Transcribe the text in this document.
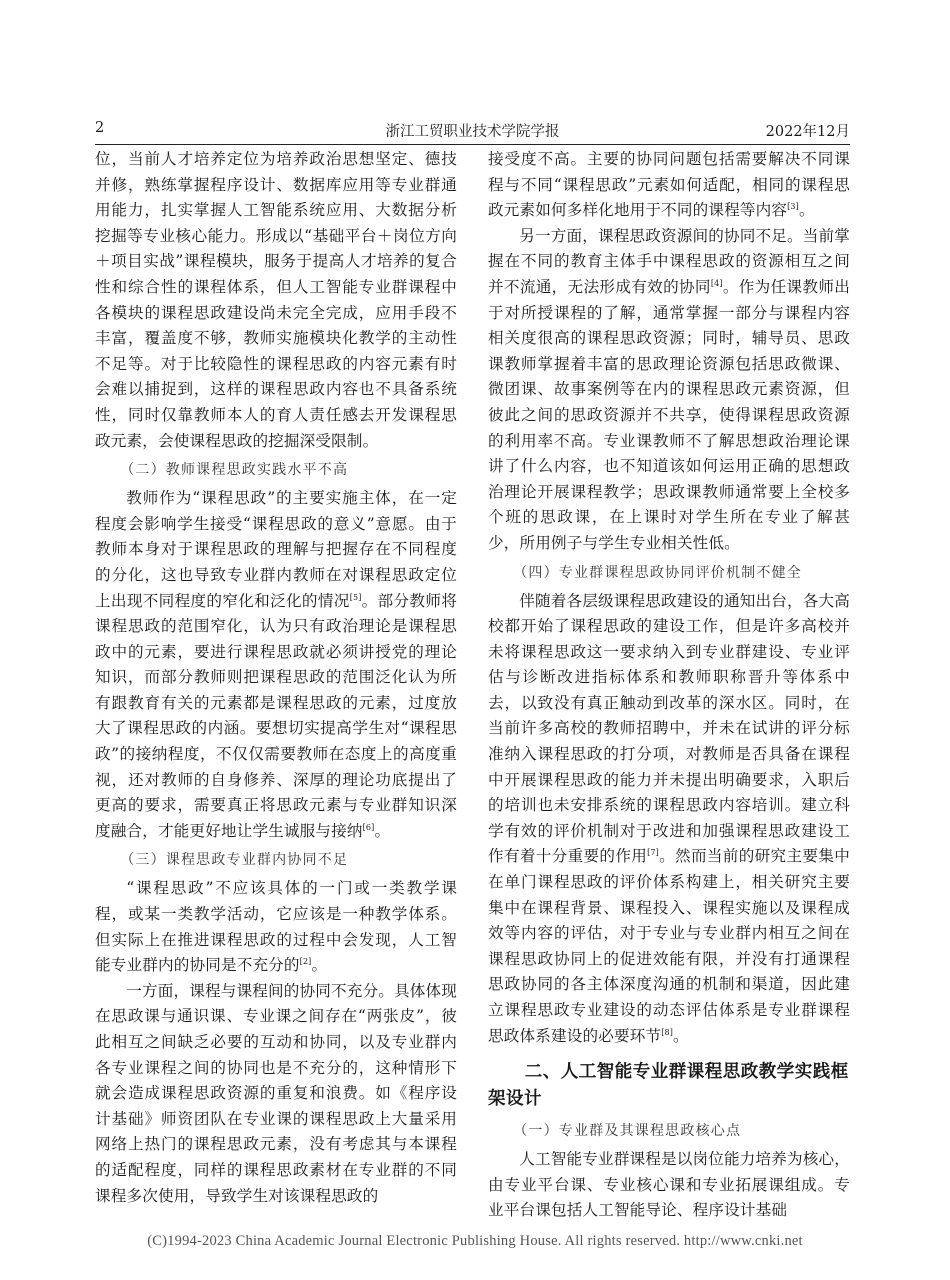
2	浙江工贸职业技术学院学报	2022年12月

位，当前人才培养定位为培养政治思想坚定、德技并修，熟练掌握程序设计、数据库应用等专业群通用能力，扎实掌握人工智能系统应用、大数据分析挖掘等专业核心能力。形成以“基础平台＋岗位方向＋项目实战”课程模块，服务于提高人才培养的复合性和综合性的课程体系，但人工智能专业群课程中各模块的课程思政建设尚未完全完成，应用手段不丰富，覆盖度不够，教师实施模块化教学的主动性不足等。对于比较隐性的课程思政的内容元素有时会难以捕捉到，这样的课程思政内容也不具备系统性，同时仅靠教师本人的育人责任感去开发课程思政元素，会使课程思政的挖掘深受限制。

（二）教师课程思政实践水平不高

教师作为“课程思政”的主要实施主体，在一定程度会影响学生接受“课程思政的意义”意愿。由于教师本身对于课程思政的理解与把握存在不同程度的分化，这也导致专业群内教师在对课程思政定位上出现不同程度的窄化和泛化的情况[5]。部分教师将课程思政的范围窄化，认为只有政治理论是课程思政中的元素，要进行课程思政就必须讲授党的理论知识，而部分教师则把课程思政的范围泛化认为所有跟教育有关的元素都是课程思政的元素，过度放大了课程思政的内涵。要想切实提高学生对“课程思政”的接纳程度，不仅仅需要教师在态度上的高度重视，还对教师的自身修养、深厚的理论功底提出了更高的要求，需要真正将思政元素与专业群知识深度融合，才能更好地让学生诚服与接纳[6]。

（三）课程思政专业群内协同不足

“课程思政”不应该具体的一门或一类教学课程，或某一类教学活动，它应该是一种教学体系。但实际上在推进课程思政的过程中会发现，人工智能专业群内的协同是不充分的[2]。

一方面，课程与课程间的协同不充分。具体体现在思政课与通识课、专业课之间存在“两张皮”，彼此相互之间缺乏必要的互动和协同，以及专业群内各专业课程之间的协同也是不充分的，这种情形下就会造成课程思政资源的重复和浪费。如《程序设计基础》师资团队在专业课的课程思政上大量采用网络上热门的课程思政元素，没有考虑其与本课程的适配程度，同样的课程思政素材在专业群的不同课程多次使用，导致学生对该课程思政的

接受度不高。主要的协同问题包括需要解决不同课程与不同“课程思政”元素如何适配，相同的课程思政元素如何多样化地用于不同的课程等内容[3]。

另一方面，课程思政资源间的协同不足。当前掌握在不同的教育主体手中课程思政的资源相互之间并不流通，无法形成有效的协同[4]。作为任课教师出于对所授课程的了解，通常掌握一部分与课程内容相关度很高的课程思政资源；同时，辅导员、思政课教师掌握着丰富的思政理论资源包括思政微课、微团课、故事案例等在内的课程思政元素资源，但彼此之间的思政资源并不共享，使得课程思政资源的利用率不高。专业课教师不了解思想政治理论课讲了什么内容，也不知道该如何运用正确的思想政治理论开展课程教学；思政课教师通常要上全校多个班的思政课，在上课时对学生所在专业了解甚少，所用例子与学生专业相关性低。

（四）专业群课程思政协同评价机制不健全

伴随着各层级课程思政建设的通知出台，各大高校都开始了课程思政的建设工作，但是许多高校并未将课程思政这一要求纳入到专业群建设、专业评估与诊断改进指标体系和教师职称晋升等体系中去，以致没有真正触动到改革的深水区。同时，在当前许多高校的教师招聘中，并未在试讲的评分标准纳入课程思政的打分项，对教师是否具备在课程中开展课程思政的能力并未提出明确要求，入职后的培训也未安排系统的课程思政内容培训。建立科学有效的评价机制对于改进和加强课程思政建设工作有着十分重要的作用[7]。然而当前的研究主要集中在单门课程思政的评价体系构建上，相关研究主要集中在课程背景、课程投入、课程实施以及课程成效等内容的评估，对于专业与专业群内相互之间在课程思政协同上的促进效能有限，并没有打通课程思政协同的各主体深度沟通的机制和渠道，因此建立课程思政专业建设的动态评估体系是专业群课程思政体系建设的必要环节[8]。

二、人工智能专业群课程思政教学实践框架设计

（一）专业群及其课程思政核心点

人工智能专业群课程是以岗位能力培养为核心，由专业平台课、专业核心课和专业拓展课组成。专业平台课包括人工智能导论、程序设计基础

(C)1994-2023 China Academic Journal Electronic Publishing House. All rights reserved. http://www.cnki.net
